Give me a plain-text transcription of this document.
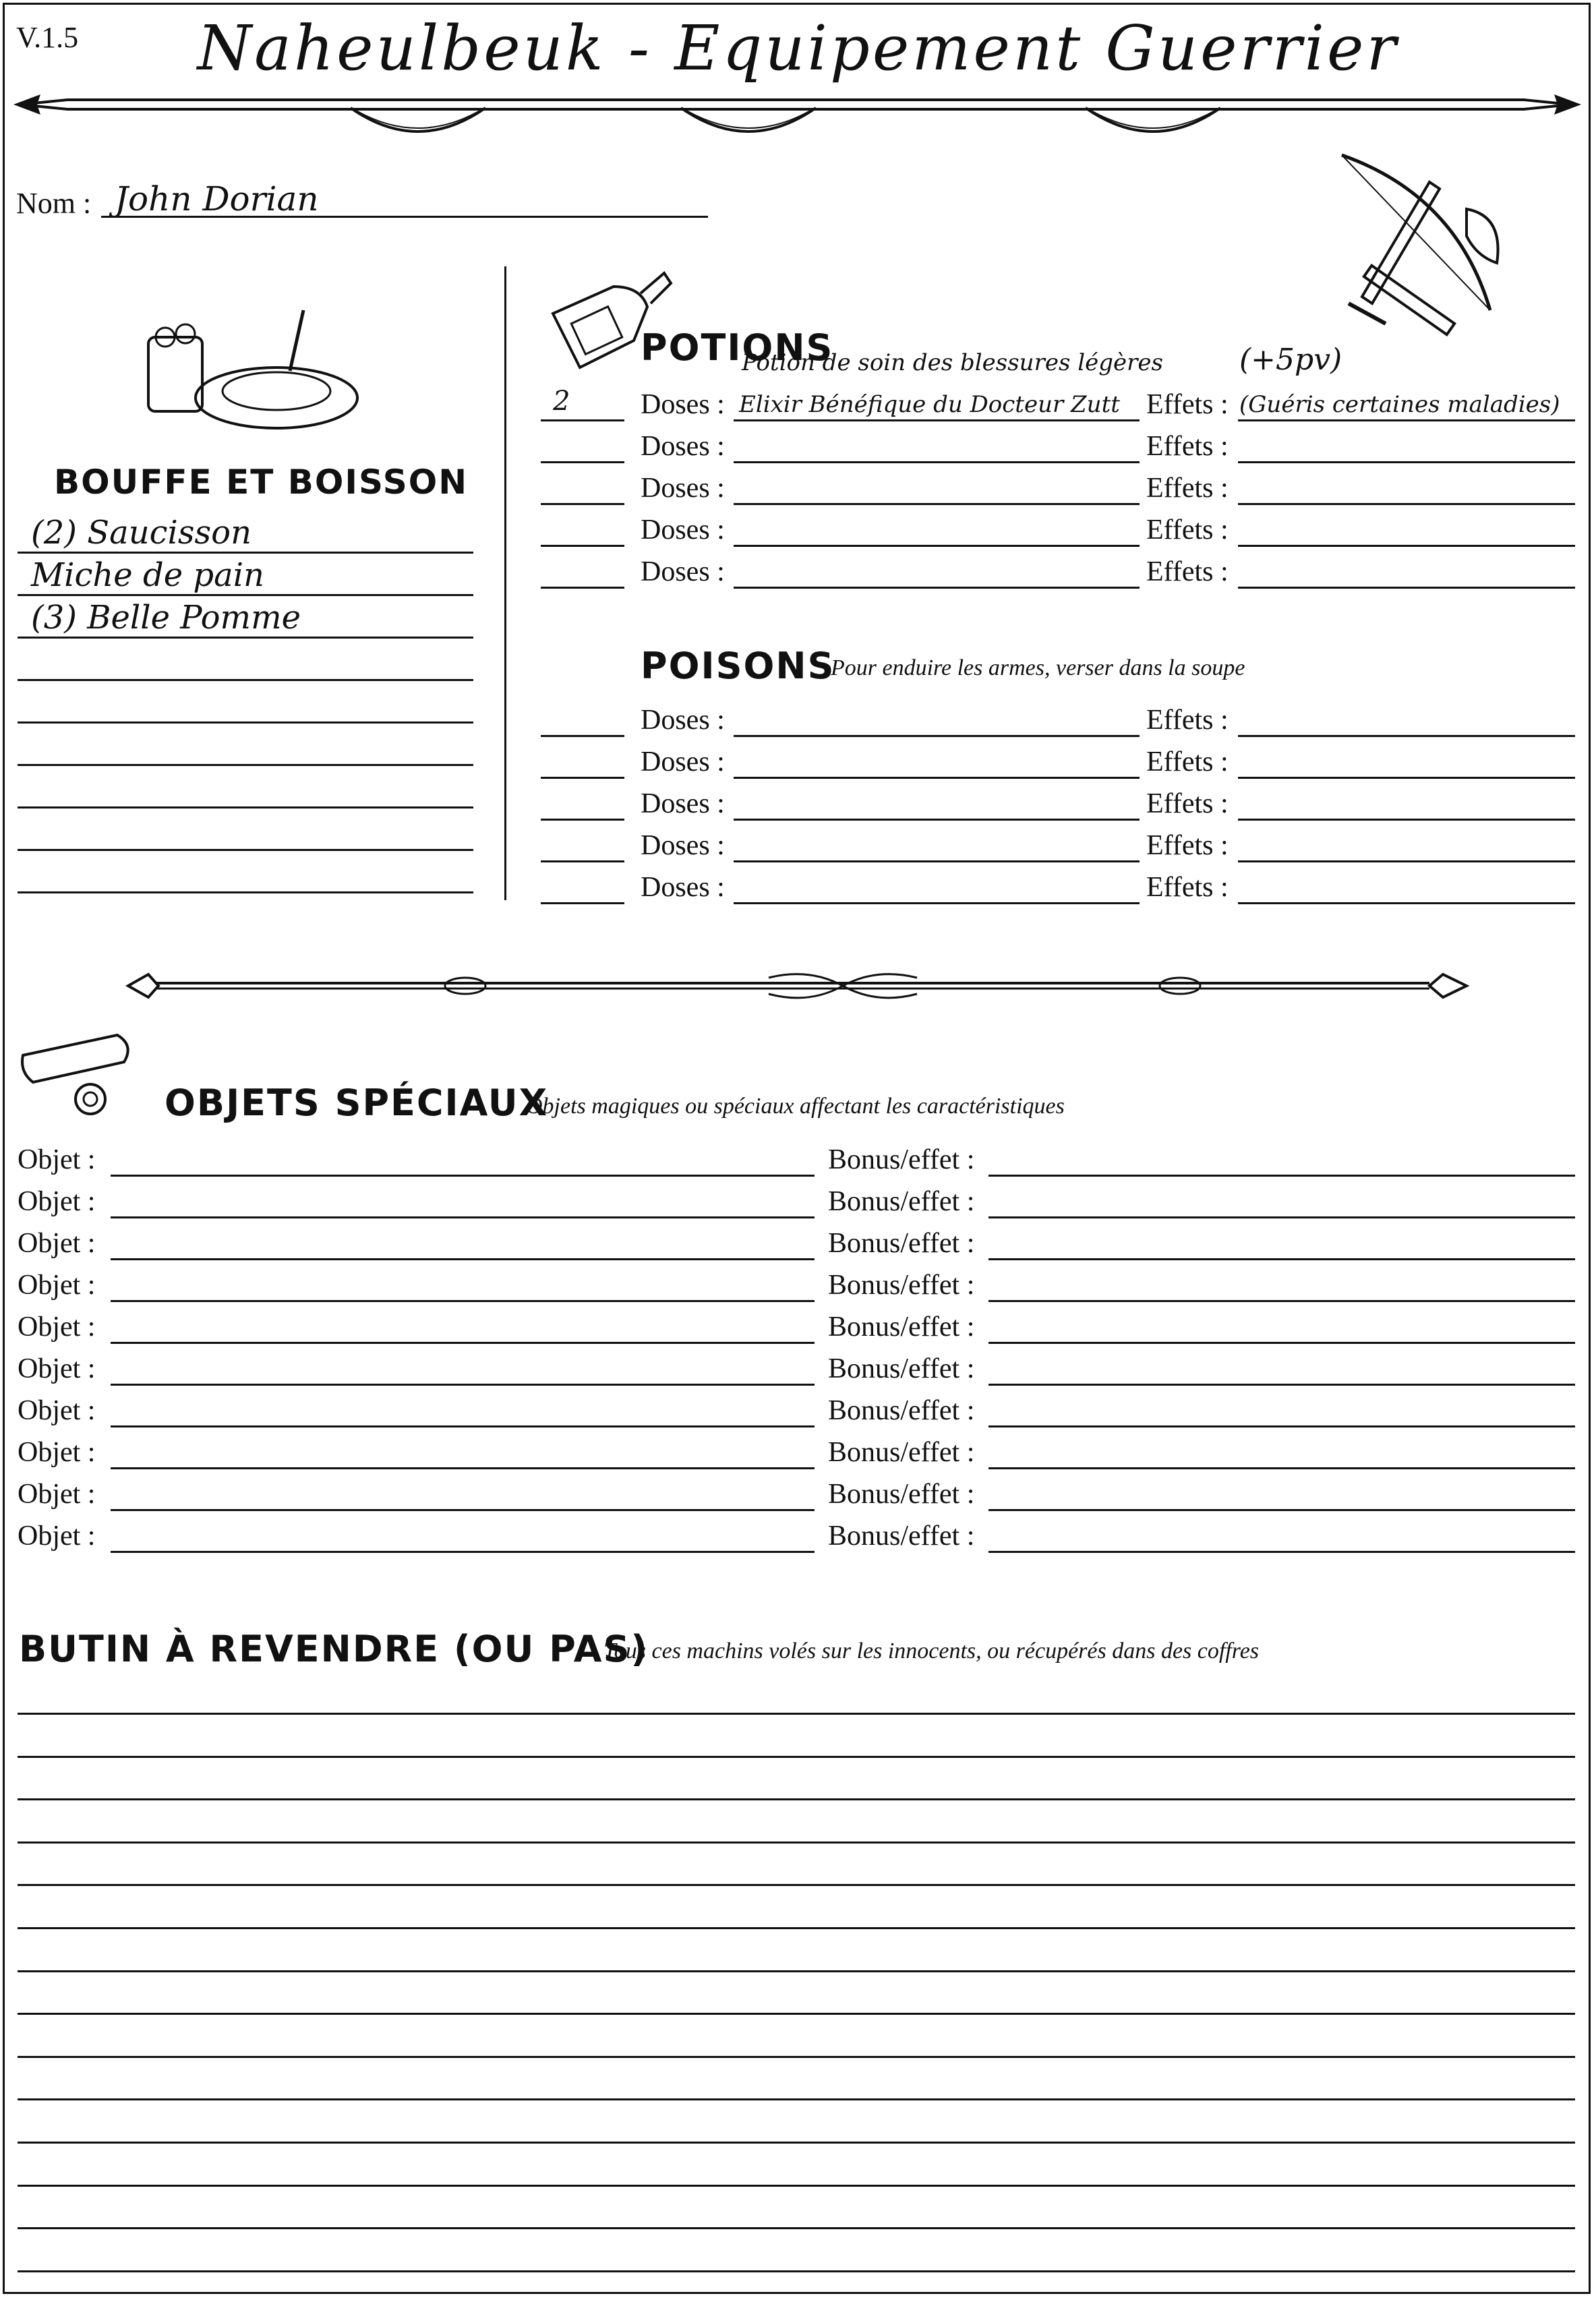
V.1.5	Naheulbeuk - Equipement Guerrier
Nom : John Dorian
BOUFFE ET BOISSON
(2) Saucisson
Miche de pain
(3) Belle Pomme
POTIONS
Potion de soin des blessures légères	(+5pv)
2 Doses : Elixir Bénéfique du Docteur Zutt Effets : (Guéris certaines maladies)
Doses :	Effets :
Doses :	Effets :
Doses :	Effets :
Doses :	Effets :
POISONS
Pour enduire les armes, verser dans la soupe
Doses :	Effets :
Doses :	Effets :
Doses :	Effets :
Doses :	Effets :
Doses :	Effets :
OBJETS SPÉCIAUX
Objets magiques ou spéciaux affectant les caractéristiques
Objet :	Bonus/effet :
Objet :	Bonus/effet :
Objet :	Bonus/effet :
Objet :	Bonus/effet :
Objet :	Bonus/effet :
Objet :	Bonus/effet :
Objet :	Bonus/effet :
Objet :	Bonus/effet :
Objet :	Bonus/effet :
Objet :	Bonus/effet :
BUTIN À REVENDRE (OU PAS)
Tous ces machins volés sur les innocents, ou récupérés dans des coffres
